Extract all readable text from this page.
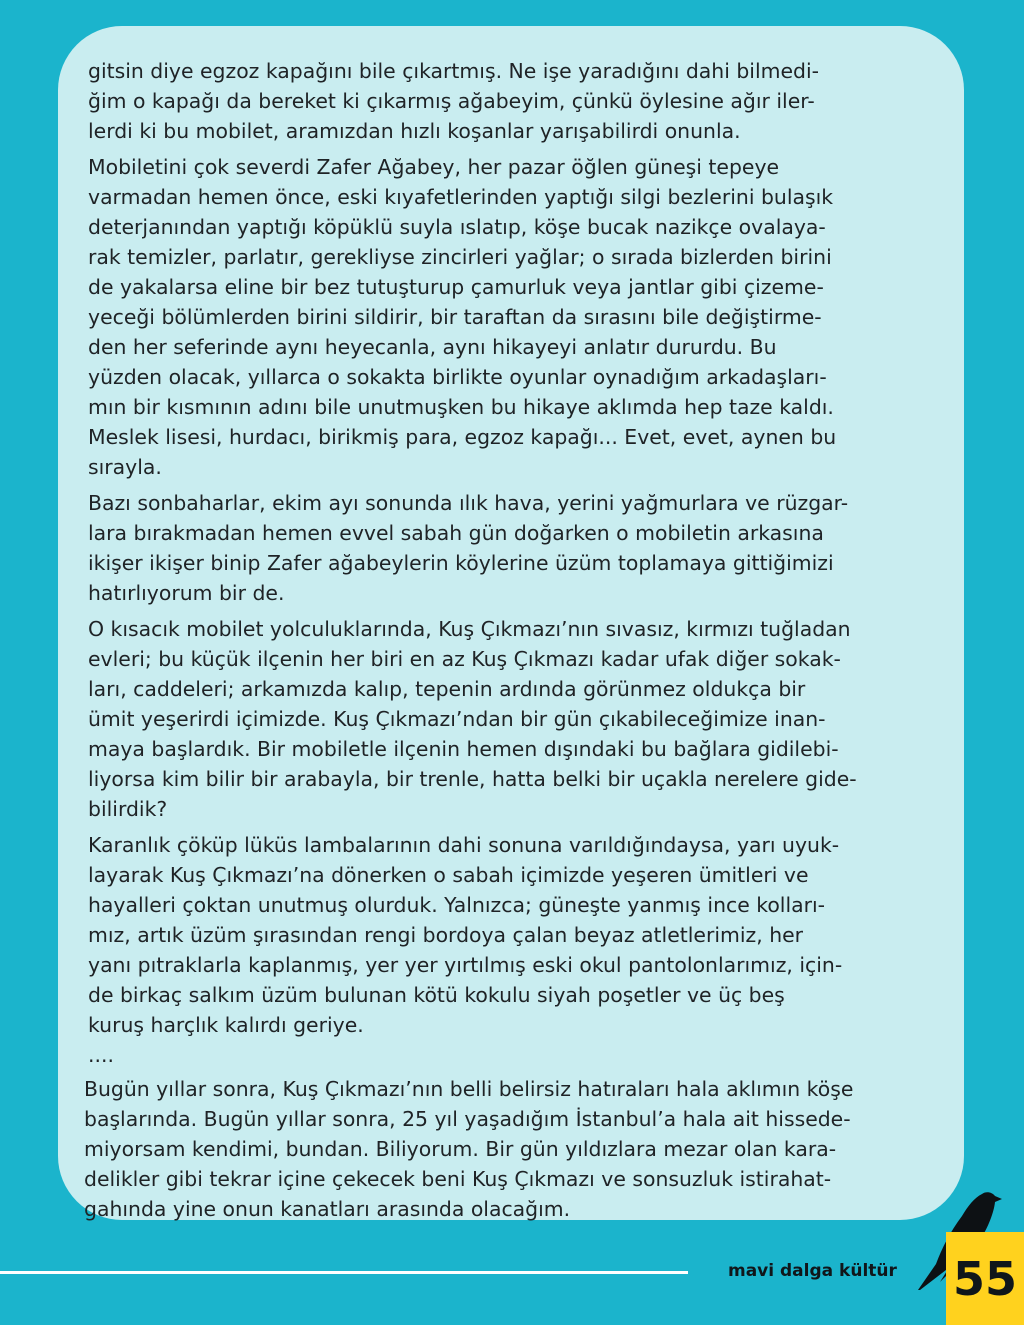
gitsin diye egzoz kapağını bile çıkartmış. Ne işe yaradığını dahi bilmedi-
ğim o kapağı da bereket ki çıkarmış ağabeyim, çünkü öylesine ağır iler-
lerdi ki bu mobilet, aramızdan hızlı koşanlar yarışabilirdi onunla.
Mobiletini çok severdi Zafer Ağabey, her pazar öğlen güneşi tepeye
varmadan hemen önce, eski kıyafetlerinden yaptığı silgi bezlerini bulaşık
deterjanından yaptığı köpüklü suyla ıslatıp, köşe bucak nazikçe ovalaya-
rak temizler, parlatır, gerekliyse zincirleri yağlar; o sırada bizlerden birini
de yakalarsa eline bir bez tutuşturup çamurluk veya jantlar gibi çizeme-
yeceği bölümlerden birini sildirir, bir taraftan da sırasını bile değiştirme-
den her seferinde aynı heyecanla, aynı hikayeyi anlatır dururdu. Bu
yüzden olacak, yıllarca o sokakta birlikte oyunlar oynadığım arkadaşları-
mın bir kısmının adını bile unutmuşken bu hikaye aklımda hep taze kaldı.
Meslek lisesi, hurdacı, birikmiş para, egzoz kapağı... Evet, evet, aynen bu
sırayla.
Bazı sonbaharlar, ekim ayı sonunda ılık hava, yerini yağmurlara ve rüzgar-
lara bırakmadan hemen evvel sabah gün doğarken o mobiletin arkasına
ikişer ikişer binip Zafer ağabeylerin köylerine üzüm toplamaya gittiğimizi
hatırlıyorum bir de.
O kısacık mobilet yolculuklarında, Kuş Çıkmazı’nın sıvasız, kırmızı tuğladan
evleri; bu küçük ilçenin her biri en az Kuş Çıkmazı kadar ufak diğer sokak-
ları, caddeleri; arkamızda kalıp, tepenin ardında görünmez oldukça bir
ümit yeşerirdi içimizde. Kuş Çıkmazı’ndan bir gün çıkabileceğimize inan-
maya başlardık. Bir mobiletle ilçenin hemen dışındaki bu bağlara gidilebi-
liyorsa kim bilir bir arabayla, bir trenle, hatta belki bir uçakla nerelere gide-
bilirdik?
Karanlık çöküp lüküs lambalarının dahi sonuna varıldığındaysa, yarı uyuk-
layarak Kuş Çıkmazı’na dönerken o sabah içimizde yeşeren ümitleri ve
hayalleri çoktan unutmuş olurduk. Yalnızca; güneşte yanmış ince kolları-
mız, artık üzüm şırasından rengi bordoya çalan beyaz atletlerimiz, her
yanı pıtraklarla kaplanmış, yer yer yırtılmış eski okul pantolonlarımız, için-
de birkaç salkım üzüm bulunan kötü kokulu siyah poşetler ve üç beş
kuruş harçlık kalırdı geriye.
....
Bugün yıllar sonra, Kuş Çıkmazı’nın belli belirsiz hatıraları hala aklımın köşe
başlarında. Bugün yıllar sonra, 25 yıl yaşadığım İstanbul’a hala ait hissede-
miyorsam kendimi, bundan. Biliyorum. Bir gün yıldızlara mezar olan kara-
delikler gibi tekrar içine çekecek beni Kuş Çıkmazı ve sonsuzluk istirahat-
gahında yine onun kanatları arasında olacağım.
mavi dalga kültür 55
